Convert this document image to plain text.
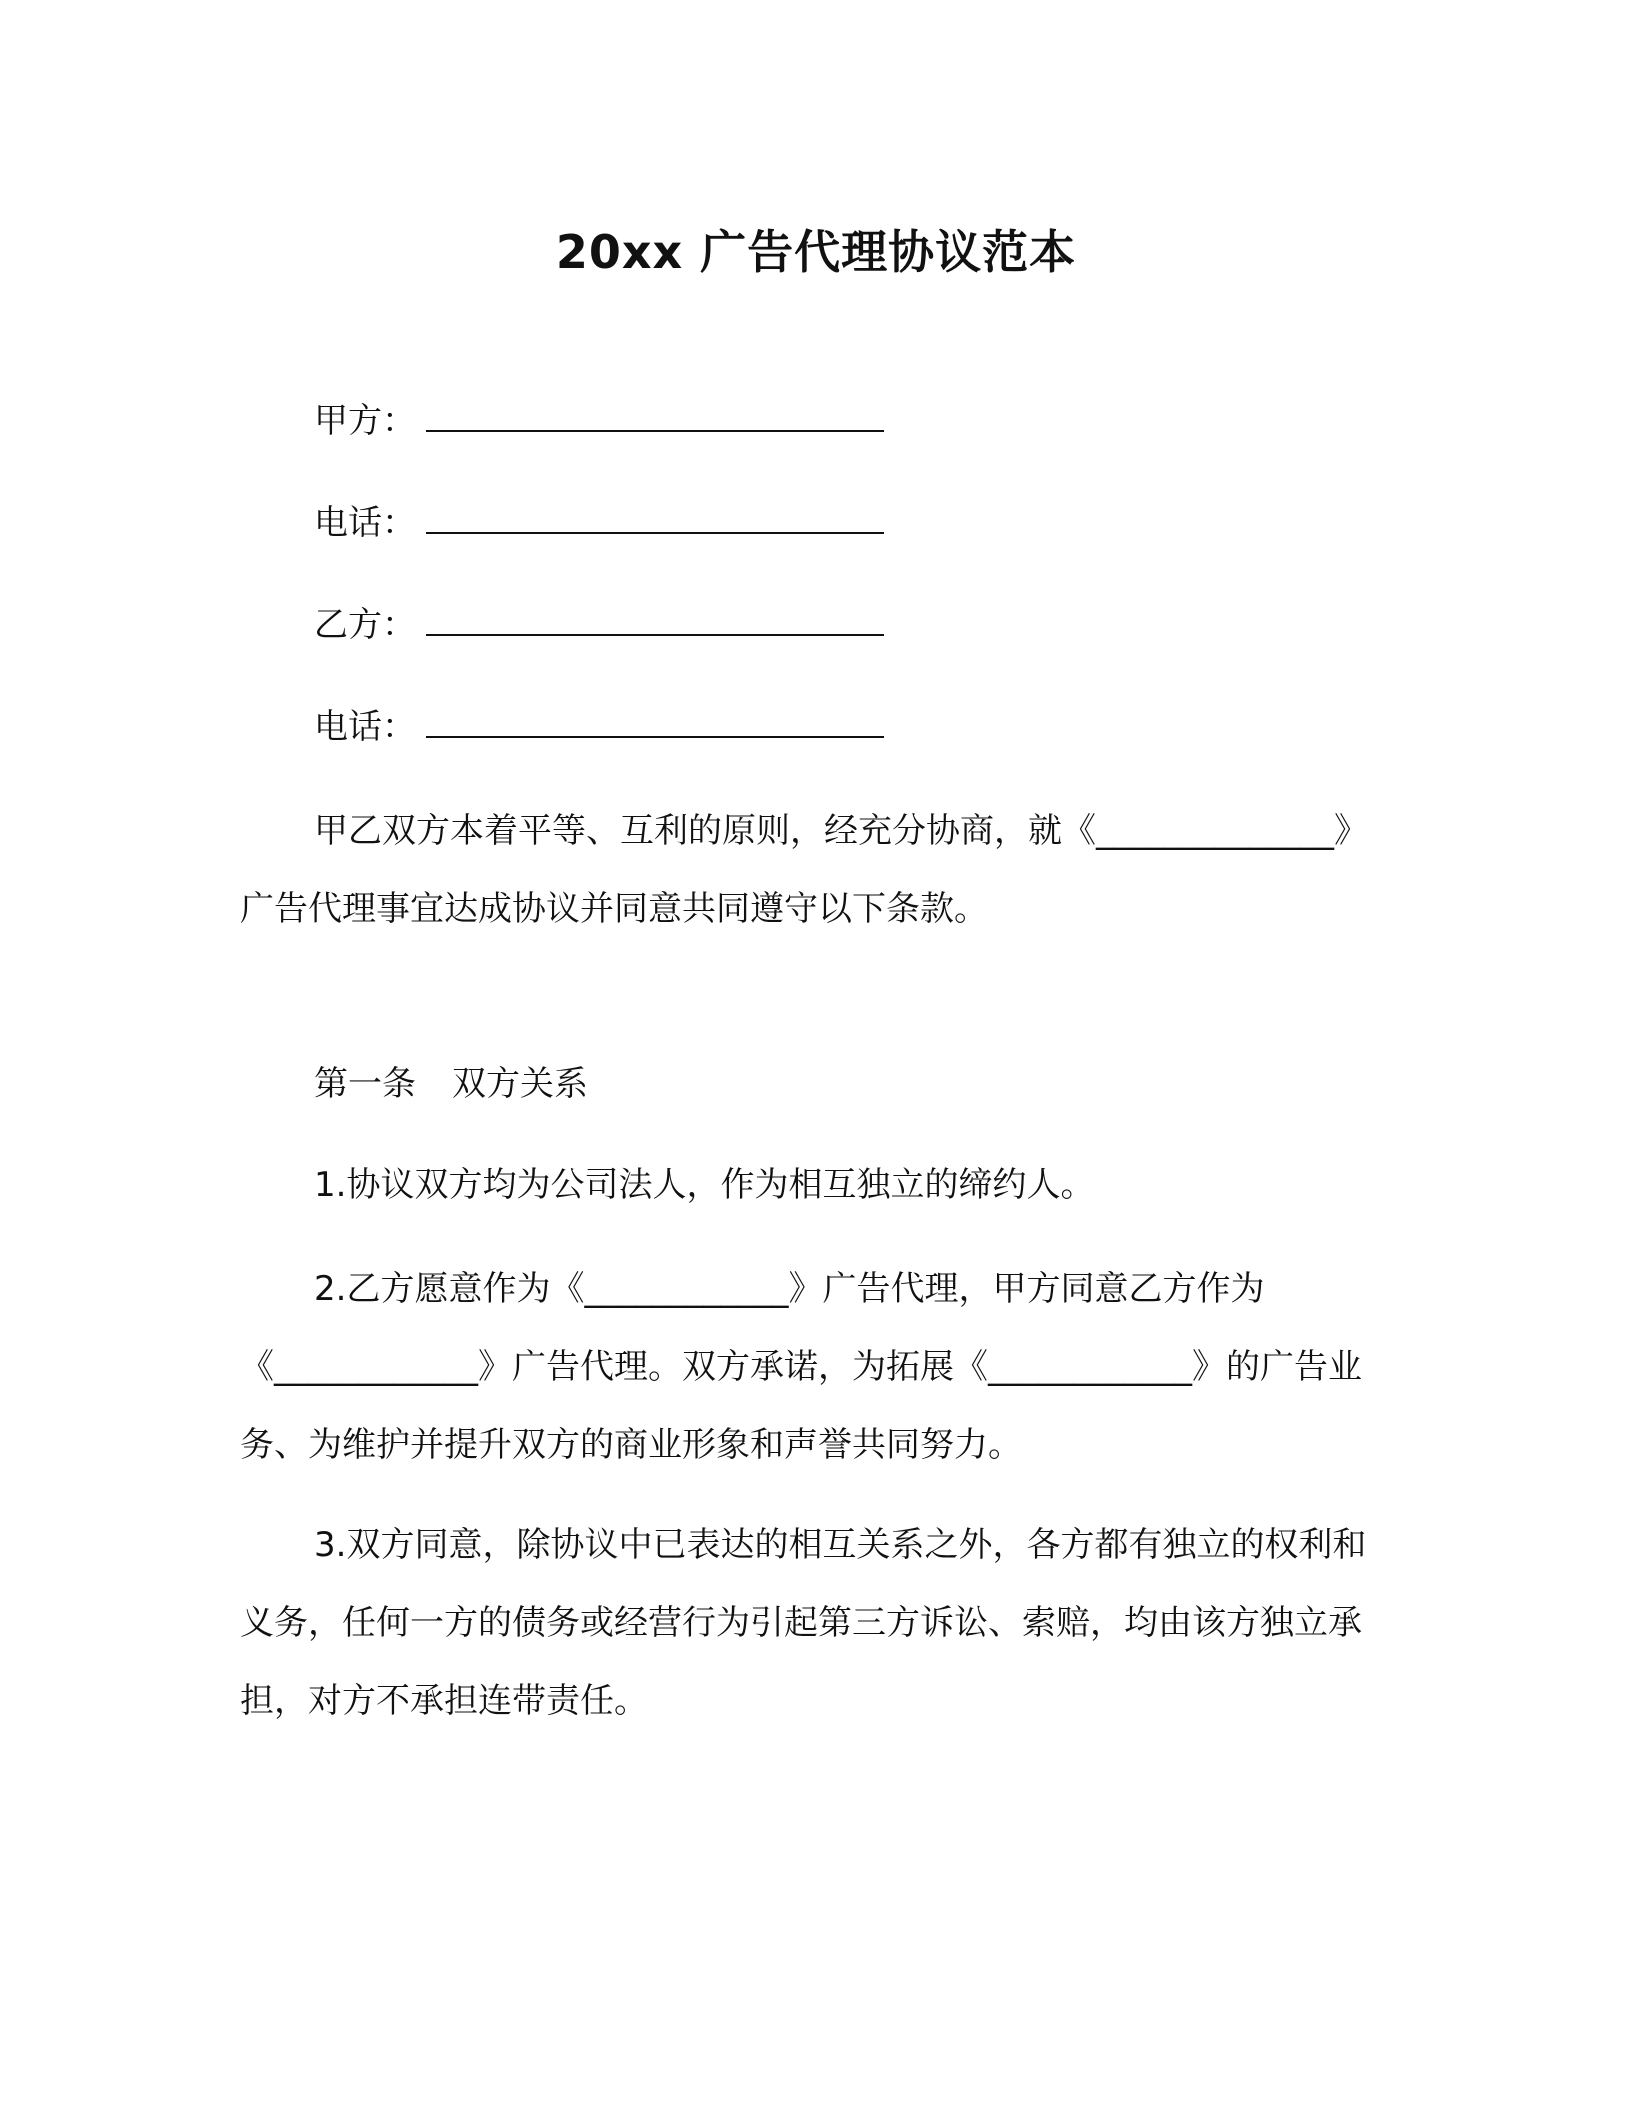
20xx 广告代理协议范本

甲方：

电话：

乙方：

电话：

甲乙双方本着平等、互利的原则，经充分协商，就《______________》广告代理事宜达成协议并同意共同遵守以下条款。

第一条 双方关系

1.协议双方均为公司法人，作为相互独立的缔约人。

2.乙方愿意作为《____________》广告代理，甲方同意乙方作为《____________》广告代理。双方承诺，为拓展《____________》的广告业务、为维护并提升双方的商业形象和声誉共同努力。

3.双方同意，除协议中已表达的相互关系之外，各方都有独立的权利和义务，任何一方的债务或经营行为引起第三方诉讼、索赔，均由该方独立承担，对方不承担连带责任。
